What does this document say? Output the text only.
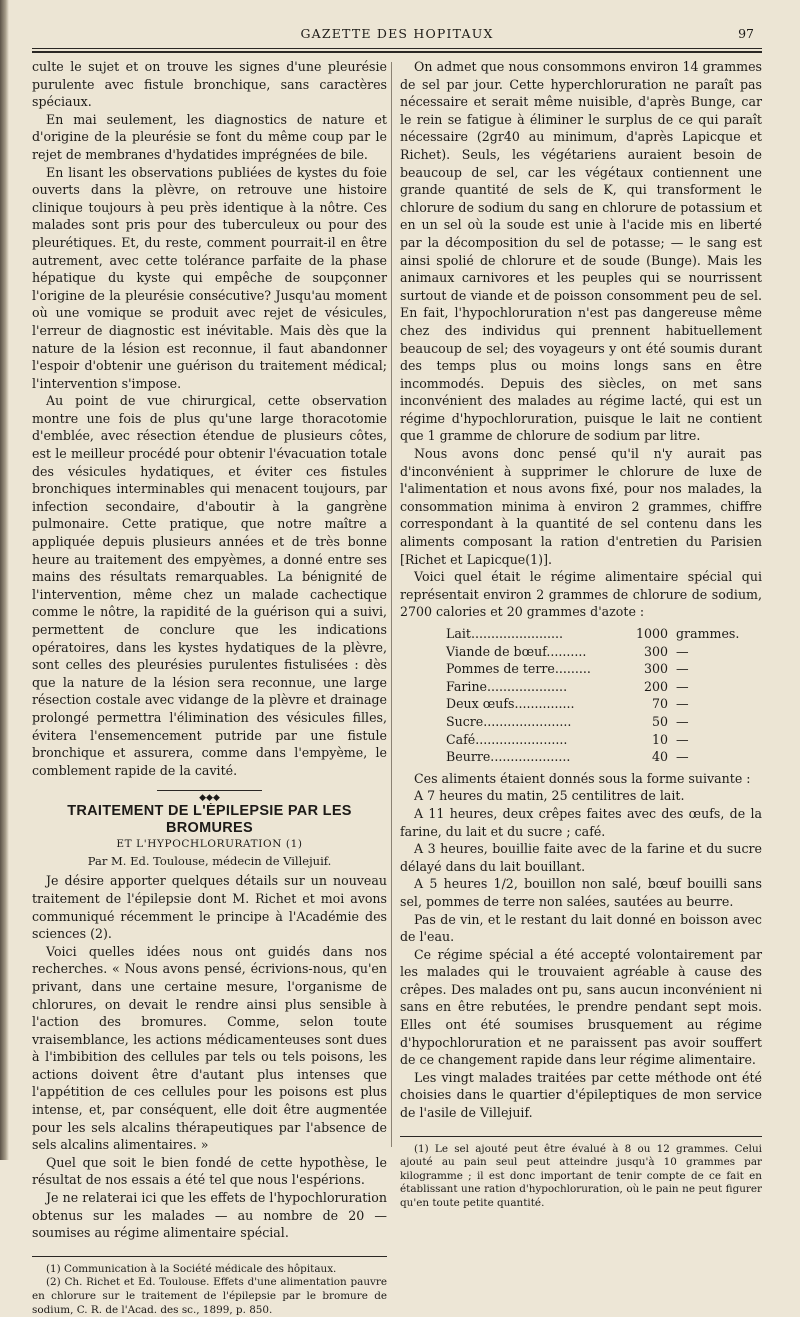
GAZETTE DES HOPITAUX	97

culte le sujet et on trouve les signes d'une pleurésie purulente avec fistule bronchique, sans caractères spéciaux.

En mai seulement, les diagnostics de nature et d'origine de la pleurésie se font du même coup par le rejet de membranes d'hydatides imprégnées de bile.

En lisant les observations publiées de kystes du foie ouverts dans la plèvre, on retrouve une histoire clinique toujours à peu près identique à la nôtre. Ces malades sont pris pour des tuberculeux ou pour des pleurétiques. Et, du reste, comment pourrait-il en être autrement, avec cette tolérance parfaite de la phase hépatique du kyste qui empêche de soupçonner l'origine de la pleurésie consécutive? Jusqu'au moment où une vomique se produit avec rejet de vésicules, l'erreur de diagnostic est inévitable. Mais dès que la nature de la lésion est reconnue, il faut abandonner l'espoir d'obtenir une guérison du traitement médical; l'intervention s'impose.

Au point de vue chirurgical, cette observation montre une fois de plus qu'une large thoracotomie d'emblée, avec résection étendue de plusieurs côtes, est le meilleur procédé pour obtenir l'évacuation totale des vésicules hydatiques, et éviter ces fistules bronchiques interminables qui menacent toujours, par infection secondaire, d'aboutir à la gangrène pulmonaire. Cette pratique, que notre maître a appliquée depuis plusieurs années et de très bonne heure au traitement des empyèmes, a donné entre ses mains des résultats remarquables. La bénignité de l'intervention, même chez un malade cachectique comme le nôtre, la rapidité de la guérison qui a suivi, permettent de conclure que les indications opératoires, dans les kystes hydatiques de la plèvre, sont celles des pleurésies purulentes fistulisées : dès que la nature de la lésion sera reconnue, une large résection costale avec vidange de la plèvre et drainage prolongé permettra l'élimination des vésicules filles, évitera l'ensemencement putride par une fistule bronchique et assurera, comme dans l'empyème, le comblement rapide de la cavité.

◆◆◆
TRAITEMENT DE L'ÉPILEPSIE PAR LES BROMURES
ET L'HYPOCHLORURATION (1)
Par M. Ed. Toulouse, médecin de Villejuif.

Je désire apporter quelques détails sur un nouveau traitement de l'épilepsie dont M. Richet et moi avons communiqué récemment le principe à l'Académie des sciences (2).

Voici quelles idées nous ont guidés dans nos recherches. « Nous avons pensé, écrivions-nous, qu'en privant, dans une certaine mesure, l'organisme de chlorures, on devait le rendre ainsi plus sensible à l'action des bromures. Comme, selon toute vraisemblance, les actions médicamenteuses sont dues à l'imbibition des cellules par tels ou tels poisons, les actions doivent être d'autant plus intenses que l'appétition de ces cellules pour les poisons est plus intense, et, par conséquent, elle doit être augmentée pour les sels alcalins thérapeutiques par l'absence de sels alcalins alimentaires. »

Quel que soit le bien fondé de cette hypothèse, le résultat de nos essais a été tel que nous l'espérions.

Je ne relaterai ici que les effets de l'hypochloruration obtenus sur les malades — au nombre de 20 — soumises au régime alimentaire spécial.

(1) Communication à la Société médicale des hôpitaux.

(2) Ch. Richet et Ed. Toulouse. Effets d'une alimentation pauvre en chlorure sur le traitement de l'épilepsie par le bromure de sodium, C. R. de l'Acad. des sc., 1899, p. 850.

On admet que nous consommons environ 14 grammes de sel par jour. Cette hyperchloruration ne paraît pas nécessaire et serait même nuisible, d'après Bunge, car le rein se fatigue à éliminer le surplus de ce qui paraît nécessaire (2gr40 au minimum, d'après Lapicque et Richet). Seuls, les végétariens auraient besoin de beaucoup de sel, car les végétaux contiennent une grande quantité de sels de K, qui transforment le chlorure de sodium du sang en chlorure de potassium et en un sel où la soude est unie à l'acide mis en liberté par la décomposition du sel de potasse; — le sang est ainsi spolié de chlorure et de soude (Bunge). Mais les animaux carnivores et les peuples qui se nourrissent surtout de viande et de poisson consomment peu de sel. En fait, l'hypochloruration n'est pas dangereuse même chez des individus qui prennent habituellement beaucoup de sel; des voyageurs y ont été soumis durant des temps plus ou moins longs sans en être incommodés. Depuis des siècles, on met sans inconvénient des malades au régime lacté, qui est un régime d'hypochloruration, puisque le lait ne contient que 1 gramme de chlorure de sodium par litre.

Nous avons donc pensé qu'il n'y aurait pas d'inconvénient à supprimer le chlorure de luxe de l'alimentation et nous avons fixé, pour nos malades, la consommation minima à environ 2 grammes, chiffre correspondant à la quantité de sel contenu dans les aliments composant la ration d'entretien du Parisien [Richet et Lapicque(1)].

Voici quel était le régime alimentaire spécial qui représentait environ 2 grammes de chlorure de sodium, 2700 calories et 20 grammes d'azote :

Lait.......................	1000	grammes.
Viande de bœuf..........	300	—
Pommes de terre.........	300	—
Farine....................	200	—
Deux œufs...............	70	—
Sucre......................	50	—
Café.......................	10	—
Beurre....................	40	—

Ces aliments étaient donnés sous la forme suivante :

A 7 heures du matin, 25 centilitres de lait.

A 11 heures, deux crêpes faites avec des œufs, de la farine, du lait et du sucre ; café.

A 3 heures, bouillie faite avec de la farine et du sucre délayé dans du lait bouillant.

A 5 heures 1/2, bouillon non salé, bœuf bouilli sans sel, pommes de terre non salées, sautées au beurre.

Pas de vin, et le restant du lait donné en boisson avec de l'eau.

Ce régime spécial a été accepté volontairement par les malades qui le trouvaient agréable à cause des crêpes. Des malades ont pu, sans aucun inconvénient ni sans en être rebutées, le prendre pendant sept mois. Elles ont été soumises brusquement au régime d'hypochloruration et ne paraissent pas avoir souffert de ce changement rapide dans leur régime alimentaire.

Les vingt malades traitées par cette méthode ont été choisies dans le quartier d'épileptiques de mon service de l'asile de Villejuif.

(1) Le sel ajouté peut être évalué à 8 ou 12 grammes. Celui ajouté au pain seul peut atteindre jusqu'à 10 grammes par kilogramme ; il est donc important de tenir compte de ce fait en établissant une ration d'hypochloruration, où le pain ne peut figurer qu'en toute petite quantité.
